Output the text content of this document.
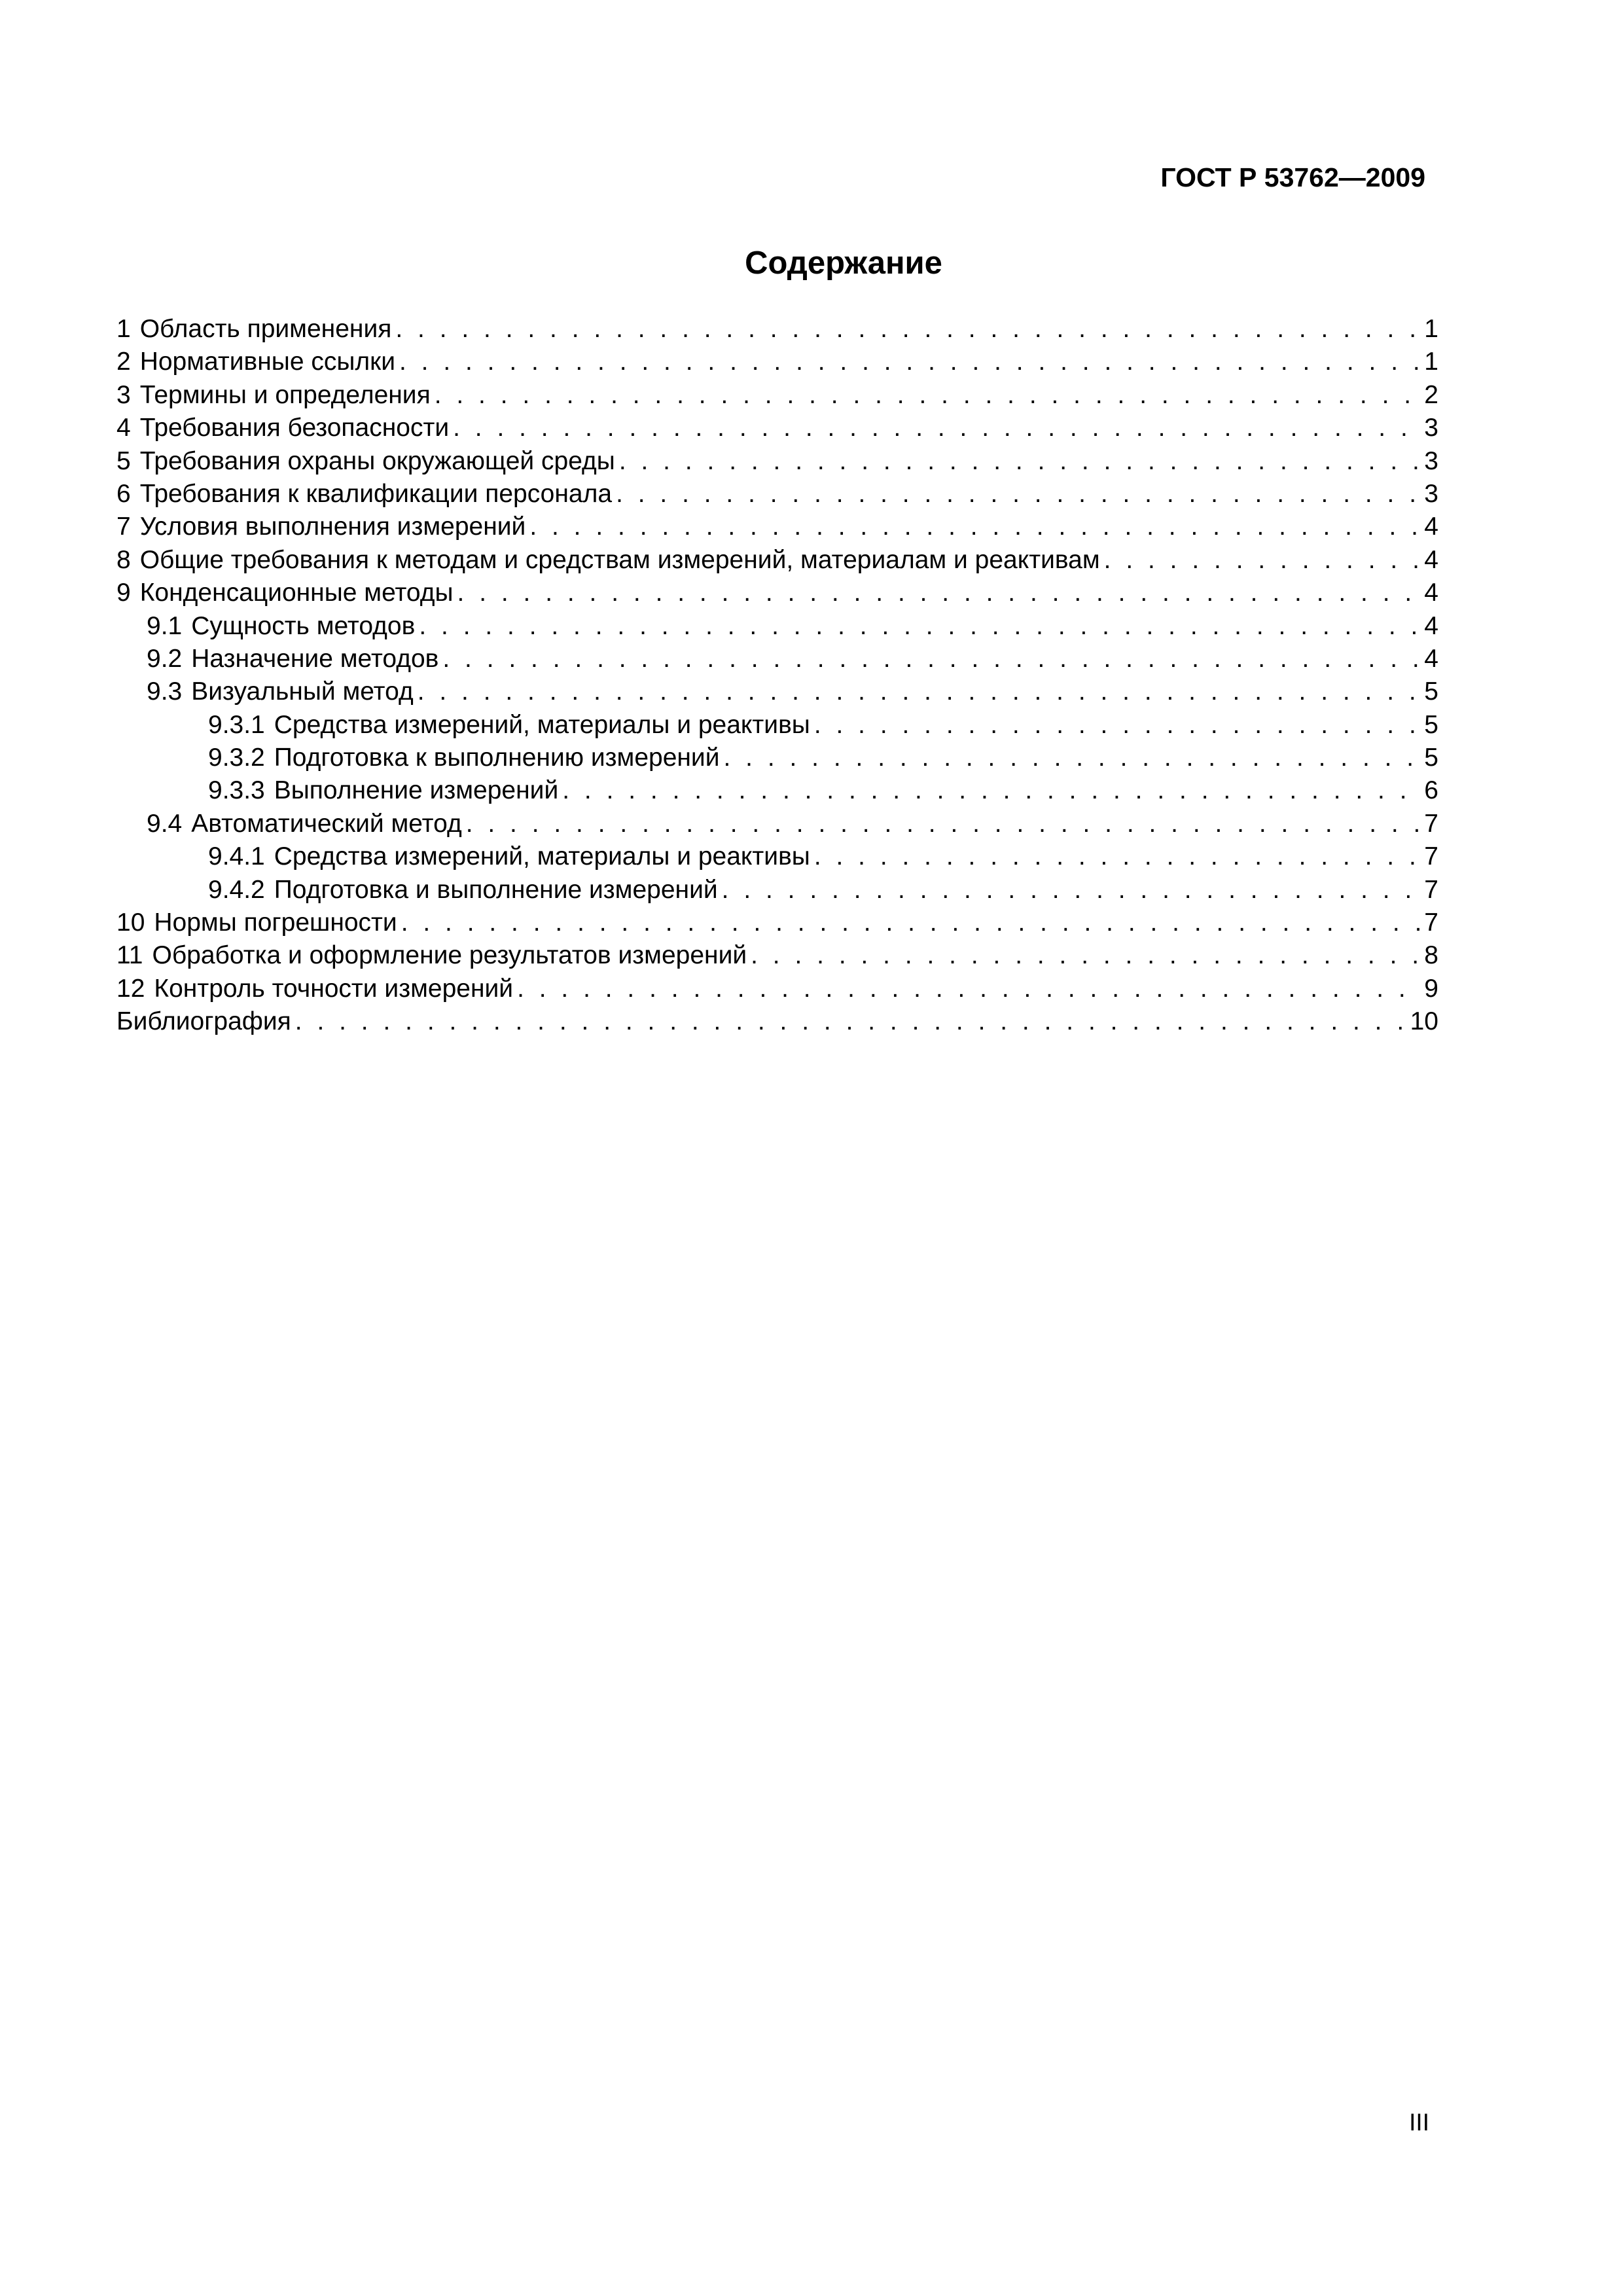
ГОСТ Р 53762—2009
Содержание
1 Область применения . . .	1
2 Нормативные ссылки . . .	1
3 Термины и определения . . .	2
4 Требования безопасности . . .	3
5 Требования охраны окружающей среды . . .	3
6 Требования к квалификации персонала . . .	3
7 Условия выполнения измерений . . .	4
8 Общие требования к методам и средствам измерений, материалам и реактивам . . .	4
9 Конденсационные методы . . .	4
9.1 Сущность методов . . .	4
9.2 Назначение методов . . .	4
9.3 Визуальный метод . . .	5
9.3.1 Средства измерений, материалы и реактивы . . .	5
9.3.2 Подготовка к выполнению измерений . . .	5
9.3.3 Выполнение измерений . . .	6
9.4 Автоматический метод . . .	7
9.4.1 Средства измерений, материалы и реактивы . . .	7
9.4.2 Подготовка и выполнение измерений . . .	7
10 Нормы погрешности . . .	7
11 Обработка и оформление результатов измерений . . .	8
12 Контроль точности измерений . . .	9
Библиография . . .	10
III
